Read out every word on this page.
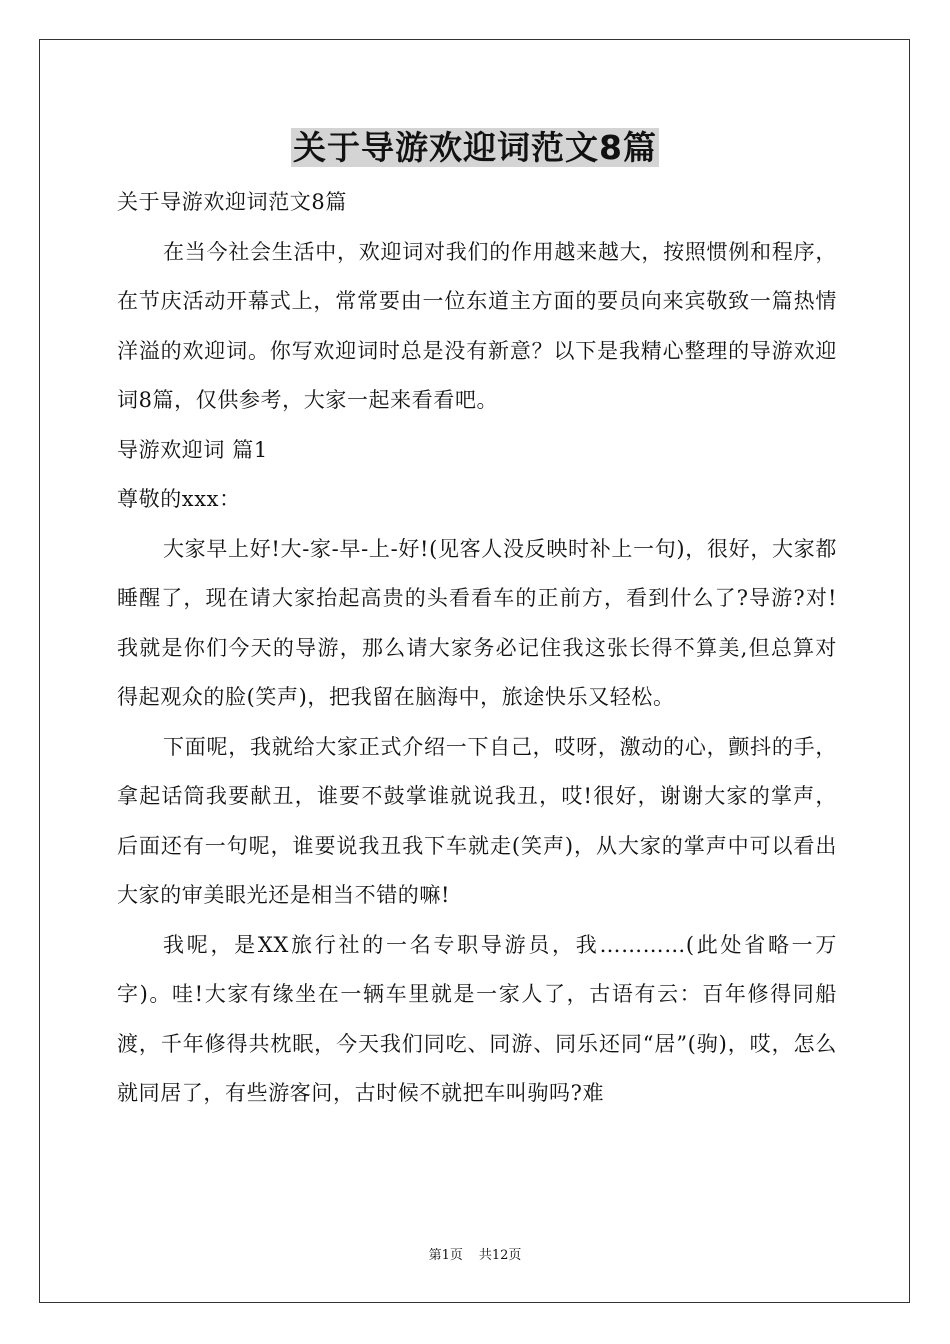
关于导游欢迎词范文8篇

关于导游欢迎词范文8篇

在当今社会生活中，欢迎词对我们的作用越来越大，按照惯例和程序，在节庆活动开幕式上，常常要由一位东道主方面的要员向来宾敬致一篇热情洋溢的欢迎词。你写欢迎词时总是没有新意？以下是我精心整理的导游欢迎词8篇，仅供参考，大家一起来看看吧。

导游欢迎词 篇1

尊敬的xxx：

大家早上好!大-家-早-上-好!(见客人没反映时补上一句)，很好，大家都睡醒了，现在请大家抬起高贵的头看看车的正前方，看到什么了?导游?对!我就是你们今天的导游，那么请大家务必记住我这张长得不算美,但总算对得起观众的脸(笑声)，把我留在脑海中，旅途快乐又轻松。

下面呢，我就给大家正式介绍一下自己，哎呀，激动的心，颤抖的手，拿起话筒我要献丑，谁要不鼓掌谁就说我丑，哎!很好，谢谢大家的掌声，后面还有一句呢，谁要说我丑我下车就走(笑声)，从大家的掌声中可以看出大家的审美眼光还是相当不错的嘛!

我呢，是XX旅行社的一名专职导游员，我…………(此处省略一万字)。哇!大家有缘坐在一辆车里就是一家人了，古语有云：百年修得同船渡，千年修得共枕眠，今天我们同吃、同游、同乐还同“居”(驹)，哎，怎么就同居了，有些游客问，古时候不就把车叫驹吗?难

第1页 共12页
